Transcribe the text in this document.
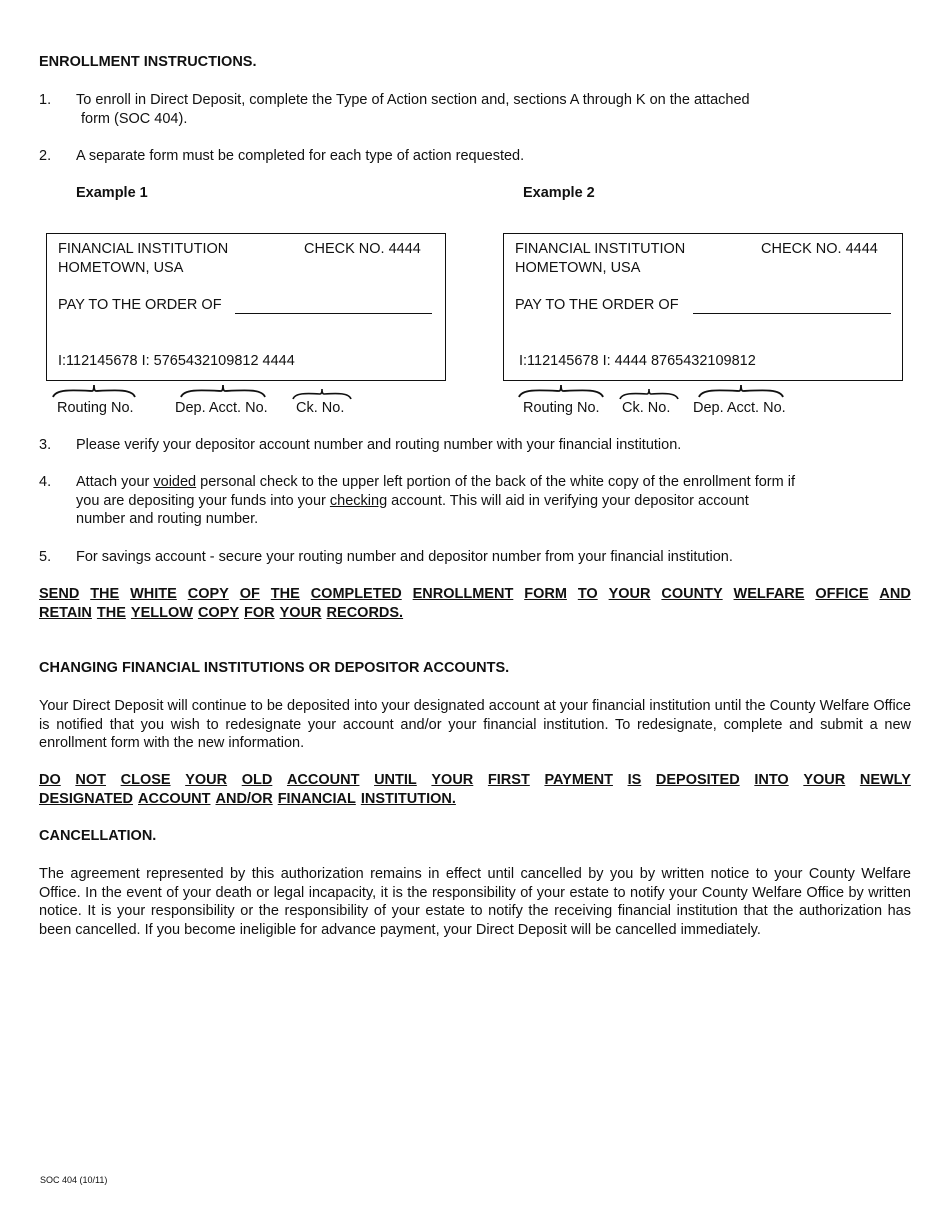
ENROLLMENT INSTRUCTIONS.
1. To enroll in Direct Deposit, complete the Type of Action section and, sections A through K on the attached
form (SOC 404).
2. A separate form must be completed for each type of action requested.
Example 1	Example 2
FINANCIAL INSTITUTION	CHECK NO. 4444
HOMETOWN, USA
PAY TO THE ORDER OF
I:112145678 I: 5765432109812 4444
Routing No.	Dep. Acct. No. Ck. No.
FINANCIAL INSTITUTION	CHECK NO. 4444
HOMETOWN, USA
PAY TO THE ORDER OF
I:112145678 I: 4444 8765432109812
Routing No. Ck. No. Dep. Acct. No.
3. Please verify your depositor account number and routing number with your financial institution.
4. Attach your voided personal check to the upper left portion of the back of the white copy of the enrollment form if
you are depositing your funds into your checking account. This will aid in verifying your depositor account
number and routing number.
5. For savings account - secure your routing number and depositor number from your financial institution.
SEND THE WHITE COPY OF THE COMPLETED ENROLLMENT FORM TO YOUR COUNTY WELFARE OFFICE AND
RETAIN THE YELLOW COPY FOR YOUR RECORDS.
CHANGING FINANCIAL INSTITUTIONS OR DEPOSITOR ACCOUNTS.
Your Direct Deposit will continue to be deposited into your designated account at your financial institution until the County Welfare Office is notified that you wish to redesignate your account and/or your financial institution. To redesignate, complete and submit a new enrollment form with the new information.
DO NOT CLOSE YOUR OLD ACCOUNT UNTIL YOUR FIRST PAYMENT IS DEPOSITED INTO YOUR NEWLY
DESIGNATED ACCOUNT AND/OR FINANCIAL INSTITUTION.
CANCELLATION.
The agreement represented by this authorization remains in effect until cancelled by you by written notice to your County Welfare Office. In the event of your death or legal incapacity, it is the responsibility of your estate to notify your County Welfare Office by written notice. It is your responsibility or the responsibility of your estate to notify the receiving financial institution that the authorization has been cancelled. If you become ineligible for advance payment, your Direct Deposit will be cancelled immediately.
SOC 404 (10/11)
